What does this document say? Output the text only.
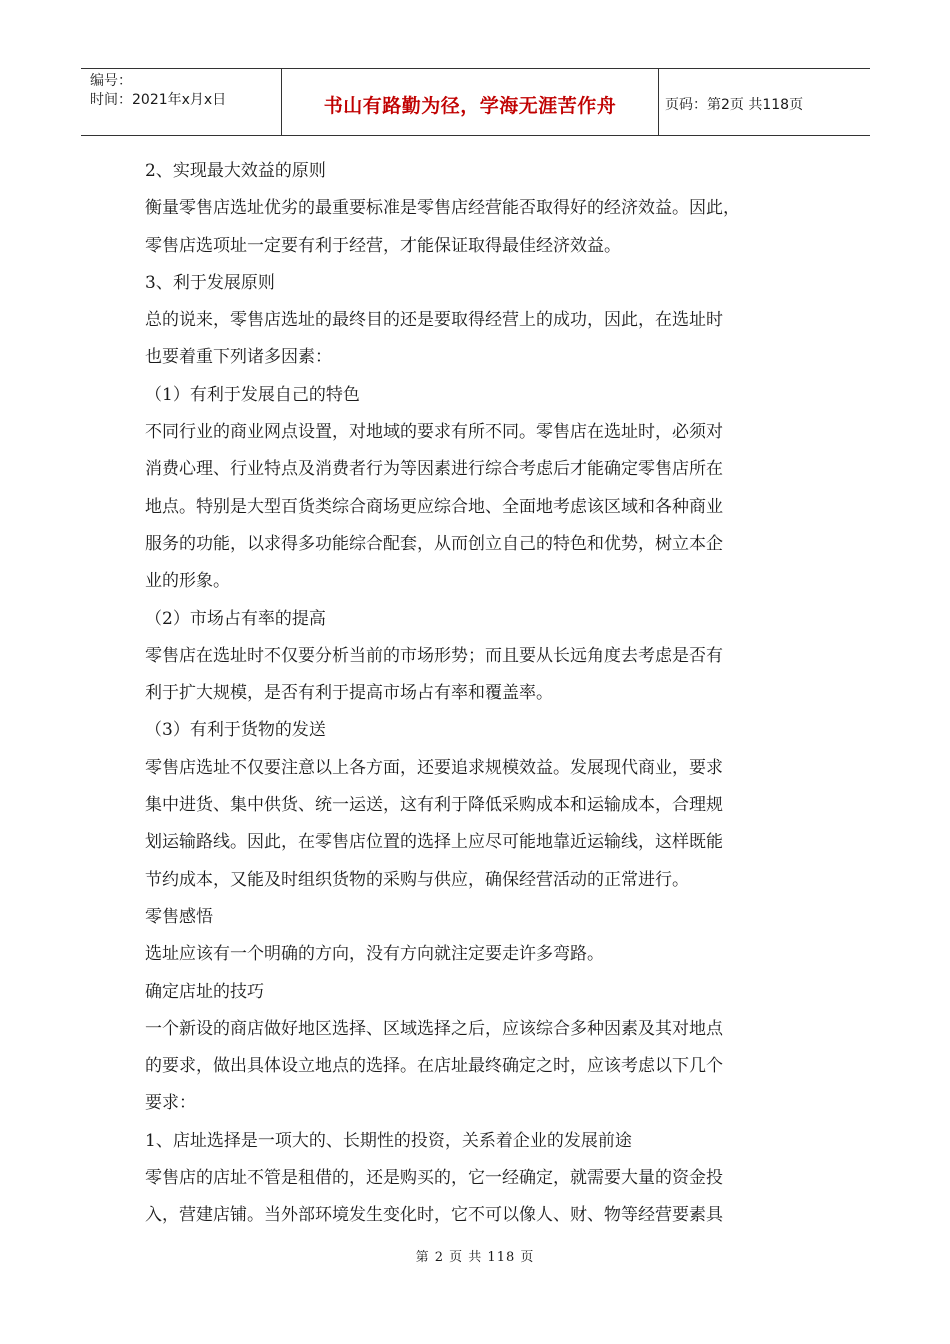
编号：
时间：2021年x月x日	书山有路勤为径，学海无涯苦作舟	页码：第2页 共118页
2、实现最大效益的原则
衡量零售店选址优劣的最重要标准是零售店经营能否取得好的经济效益。因此，
零售店选项址一定要有利于经营，才能保证取得最佳经济效益。
3、利于发展原则
总的说来，零售店选址的最终目的还是要取得经营上的成功，因此，在选址时
也要着重下列诸多因素：
（1）有利于发展自己的特色
不同行业的商业网点设置，对地域的要求有所不同。零售店在选址时，必须对
消费心理、行业特点及消费者行为等因素进行综合考虑后才能确定零售店所在
地点。特别是大型百货类综合商场更应综合地、全面地考虑该区域和各种商业
服务的功能，以求得多功能综合配套，从而创立自己的特色和优势，树立本企
业的形象。
（2）市场占有率的提高
零售店在选址时不仅要分析当前的市场形势；而且要从长远角度去考虑是否有
利于扩大规模，是否有利于提高市场占有率和覆盖率。
（3）有利于货物的发送
零售店选址不仅要注意以上各方面，还要追求规模效益。发展现代商业，要求
集中进货、集中供货、统一运送，这有利于降低采购成本和运输成本，合理规
划运输路线。因此，在零售店位置的选择上应尽可能地靠近运输线，这样既能
节约成本，又能及时组织货物的采购与供应，确保经营活动的正常进行。
零售感悟
选址应该有一个明确的方向，没有方向就注定要走许多弯路。
确定店址的技巧
一个新设的商店做好地区选择、区域选择之后，应该综合多种因素及其对地点
的要求，做出具体设立地点的选择。在店址最终确定之时，应该考虑以下几个
要求：
1、店址选择是一项大的、长期性的投资，关系着企业的发展前途
零售店的店址不管是租借的，还是购买的，它一经确定，就需要大量的资金投
入，营建店铺。当外部环境发生变化时，它不可以像人、财、物等经营要素具
第 2 页 共 118 页
